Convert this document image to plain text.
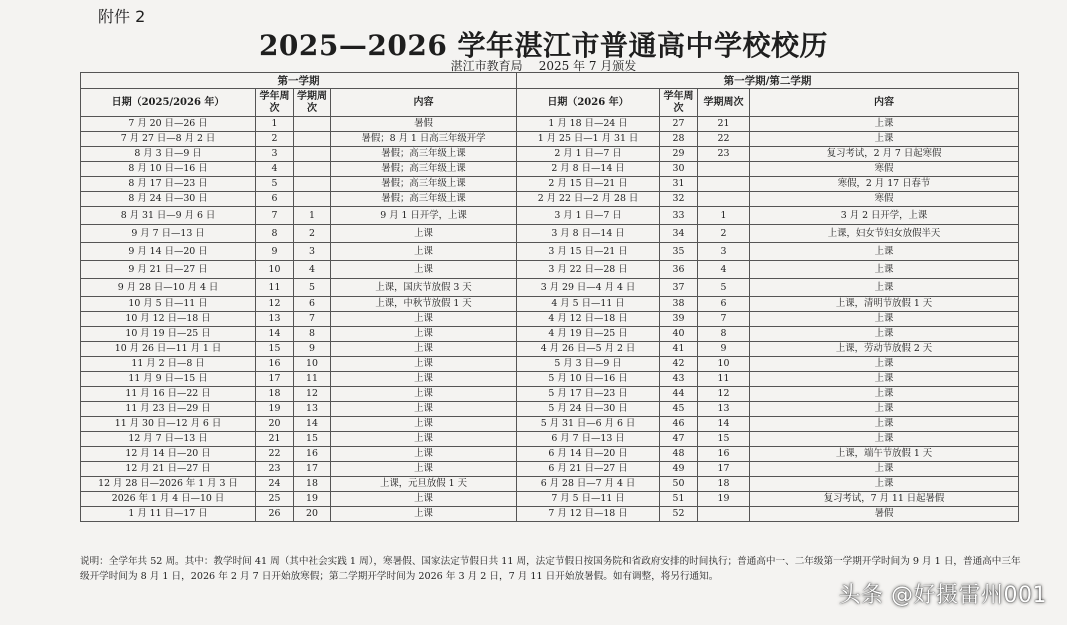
附件 2
2025—2026 学年湛江市普通高中学校校历
湛江市教育局 2025 年 7 月颁发
第一学期				第一学期/第二学期			
日期（2025/2026 年）	学年周次	学期周次	内容	日期（2026 年）	学年周次	学期周次	内容
7 月 20 日—26 日	1		暑假	1 月 18 日—24 日	27	21	上课
7 月 27 日—8 月 2 日	2		暑假；8 月 1 日高三年级开学	1 月 25 日—1 月 31 日	28	22	上课
8 月 3 日—9 日	3		暑假；高三年级上课	2 月 1 日—7 日	29	23	复习考试，2 月 7 日起寒假
8 月 10 日—16 日	4		暑假；高三年级上课	2 月 8 日—14 日	30		寒假
8 月 17 日—23 日	5		暑假；高三年级上课	2 月 15 日—21 日	31		寒假，2 月 17 日春节
8 月 24 日—30 日	6		暑假；高三年级上课	2 月 22 日—2 月 28 日	32		寒假
8 月 31 日—9 月 6 日	7	1	9 月 1 日开学，上课	3 月 1 日—7 日	33	1	3 月 2 日开学，上课
9 月 7 日—13 日	8	2	上课	3 月 8 日—14 日	34	2	上课，妇女节妇女放假半天
9 月 14 日—20 日	9	3	上课	3 月 15 日—21 日	35	3	上课
9 月 21 日—27 日	10	4	上课	3 月 22 日—28 日	36	4	上课
9 月 28 日—10 月 4 日	11	5	上课，国庆节放假 3 天	3 月 29 日—4 月 4 日	37	5	上课
10 月 5 日—11 日	12	6	上课，中秋节放假 1 天	4 月 5 日—11 日	38	6	上课，清明节放假 1 天
10 月 12 日—18 日	13	7	上课	4 月 12 日—18 日	39	7	上课
10 月 19 日—25 日	14	8	上课	4 月 19 日—25 日	40	8	上课
10 月 26 日—11 月 1 日	15	9	上课	4 月 26 日—5 月 2 日	41	9	上课，劳动节放假 2 天
11 月 2 日—8 日	16	10	上课	5 月 3 日—9 日	42	10	上课
11 月 9 日—15 日	17	11	上课	5 月 10 日—16 日	43	11	上课
11 月 16 日—22 日	18	12	上课	5 月 17 日—23 日	44	12	上课
11 月 23 日—29 日	19	13	上课	5 月 24 日—30 日	45	13	上课
11 月 30 日—12 月 6 日	20	14	上课	5 月 31 日—6 月 6 日	46	14	上课
12 月 7 日—13 日	21	15	上课	6 月 7 日—13 日	47	15	上课
12 月 14 日—20 日	22	16	上课	6 月 14 日—20 日	48	16	上课，端午节放假 1 天
12 月 21 日—27 日	23	17	上课	6 月 21 日—27 日	49	17	上课
12 月 28 日—2026 年 1 月 3 日	24	18	上课，元旦放假 1 天	6 月 28 日—7 月 4 日	50	18	上课
2026 年 1 月 4 日—10 日	25	19	上课	7 月 5 日—11 日	51	19	复习考试，7 月 11 日起暑假
1 月 11 日—17 日	26	20	上课	7 月 12 日—18 日	52		暑假
说明：全学年共 52 周。其中：教学时间 41 周（其中社会实践 1 周），寒暑假、国家法定节假日共 11 周，法定节假日按国务院和省政府安排的时间执行；普通高中一、二年级第一学期开学时间为 9 月 1 日，普通高中三年级开学时间为 8 月 1 日，2026 年 2 月 7 日开始放寒假；第二学期开学时间为 2026 年 3 月 2 日，7 月 11 日开始放暑假。如有调整，将另行通知。
头条 @好摄雷州001
